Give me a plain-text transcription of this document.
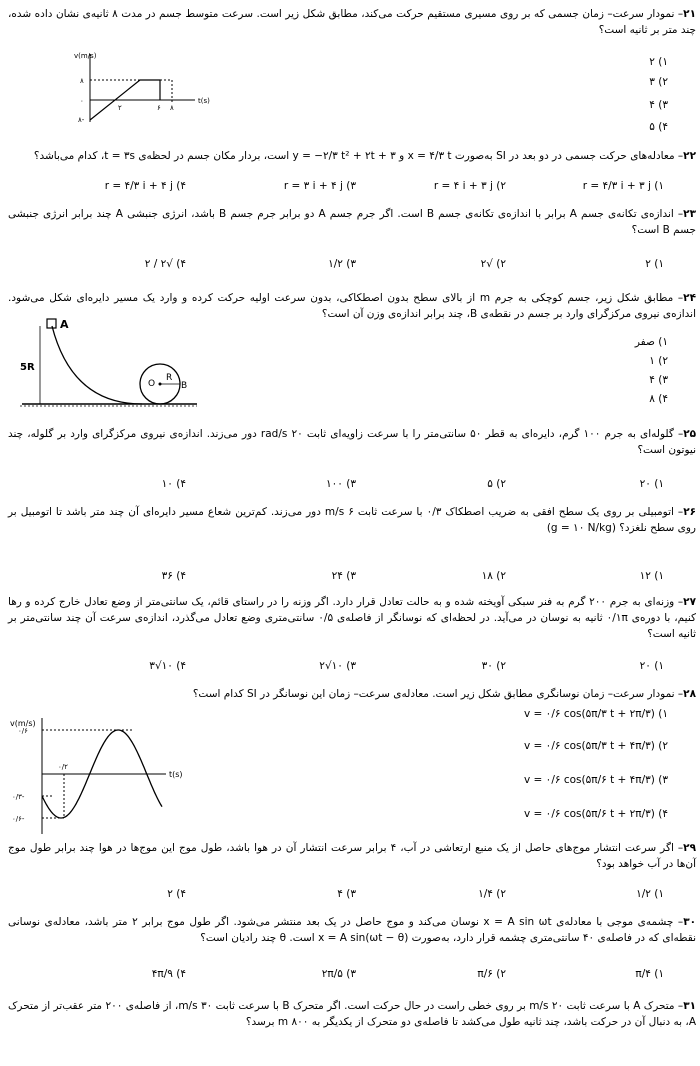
۲۱– نمودار سرعت– زمان جسمی که بر روی مسیری مستقیم حرکت می‌کند، مطابق شکل زیر است. سرعت متوسط جسم در مدت ۸ ثانیه‌ی نشان داده شده، چند متر بر ثانیه است؟
۱) ۲
۲) ۳
۳) ۴
۴) ۵
v(m/s)
t(s)
۸
۰
۸-
۲	۶ ۸
۲۲– معادله‌های حرکت جسمی در دو بعد در SI به‌صورت x = ۴/۳ t و y = −۲/۳ t² + ۲t + ۳ است، بردار مکان جسم در لحظه‌ی t = ۳s، کدام می‌باشد؟
۱) r = ۴/۳ i + ۳ j
۲) r = ۴ i + ۳ j
۳) r = ۳ i + ۴ j
۴) r = ۴/۳ i + ۴ j
۲۳– اندازه‌ی تکانه‌ی جسم A برابر با اندازه‌ی تکانه‌ی جسم B است. اگر جرم جسم A دو برابر جرم جسم B باشد، انرژی جنبشی A چند برابر انرژی جنبشی جسم B است؟
۱) ۲
۲) √۲
۳) ۱/۲
۴) √۲ / ۲
۲۴– مطابق شکل زیر، جسم کوچکی به جرم m از بالای سطح بدون اصطکاکی، بدون سرعت اولیه حرکت کرده و وارد یک مسیر دایره‌ای شکل می‌شود. اندازه‌ی نیروی مرکزگرای وارد بر جسم در نقطه‌ی B، چند برابر اندازه‌ی وزن آن است؟
۱) صفر
۲) ۱
۳) ۴
۴) ۸
A
5R
O
R
B
۲۵– گلوله‌ای به جرم ۱۰۰ گرم، دایره‌ای به قطر ۵۰ سانتی‌متر را با سرعت زاویه‌ای ثابت ۲۰ rad/s دور می‌زند. اندازه‌ی نیروی مرکزگرای وارد بر گلوله، چند نیوتون است؟
۱) ۲۰
۲) ۵
۳) ۱۰۰
۴) ۱۰
۲۶– اتومبیلی بر روی یک سطح افقی به ضریب اصطکاک ۰/۳ با سرعت ثابت ۶ m/s دور می‌زند. کم‌ترین شعاع مسیر دایره‌ای آن چند متر باشد تا اتومبیل بر روی سطح نلغزد؟ (g = ۱۰ N/kg)
۱) ۱۲
۲) ۱۸
۳) ۲۴
۴) ۳۶
۲۷– وزنه‌ای به جرم ۲۰۰ گرم به فنر سبکی آویخته شده و به حالت تعادل قرار دارد. اگر وزنه را در راستای قائم، یک سانتی‌متر از وضع تعادل خارج کرده و رها کنیم، با دوره‌ی ۰/۱π ثانیه به نوسان در می‌آید. در لحظه‌ای که نوسانگر از فاصله‌ی ۰/۵ سانتی‌متری وضع تعادل می‌گذرد، اندازه‌ی سرعت آن چند سانتی‌متر بر ثانیه است؟
۱) ۲۰
۲) ۳۰
۳) ۱۰√۲
۴) ۱۰√۳
۲۸– نمودار سرعت– زمان نوسانگری مطابق شکل زیر است. معادله‌ی سرعت– زمان این نوسانگر در SI کدام است؟
۱) v = ۰/۶ cos(۵π/۳ t + ۲π/۳)
۲) v = ۰/۶ cos(۵π/۳ t + ۴π/۳)
۳) v = ۰/۶ cos(۵π/۶ t + ۴π/۳)
۴) v = ۰/۶ cos(۵π/۶ t + ۲π/۳)
v(m/s)
t(s)
۰/۶
۰/۳-
۰/۶-
۰/۲
۲۹– اگر سرعت انتشار موج‌های حاصل از یک منبع ارتعاشی در آب، ۴ برابر سرعت انتشار آن در هوا باشد، طول موج این موج‌ها در هوا چند برابر طول موج آن‌ها در آب خواهد بود؟
۱) ۱/۲
۲) ۱/۴
۳) ۴
۴) ۲
۳۰– چشمه‌ی موجی با معادله‌ی x = A sin ωt نوسان می‌کند و موج حاصل در یک بعد منتشر می‌شود. اگر طول موج برابر ۲ متر باشد، معادله‌ی نوسانی نقطه‌ای که در فاصله‌ی ۴۰ سانتی‌متری چشمه قرار دارد، به‌صورت x = A sin(ωt − θ) است. θ چند رادیان است؟
۱) π/۴
۲) π/۶
۳) ۲π/۵
۴) ۴π/۹
۳۱– متحرک A با سرعت ثابت ۲۰ m/s بر روی خطی راست در حال حرکت است. اگر متحرک B با سرعت ثابت ۳۰ m/s، از فاصله‌ی ۲۰۰ متر عقب‌تر از متحرک A، به دنبال آن در حرکت باشد، چند ثانیه طول می‌کشد تا فاصله‌ی دو متحرک از یکدیگر به ۸۰۰ m برسد؟
